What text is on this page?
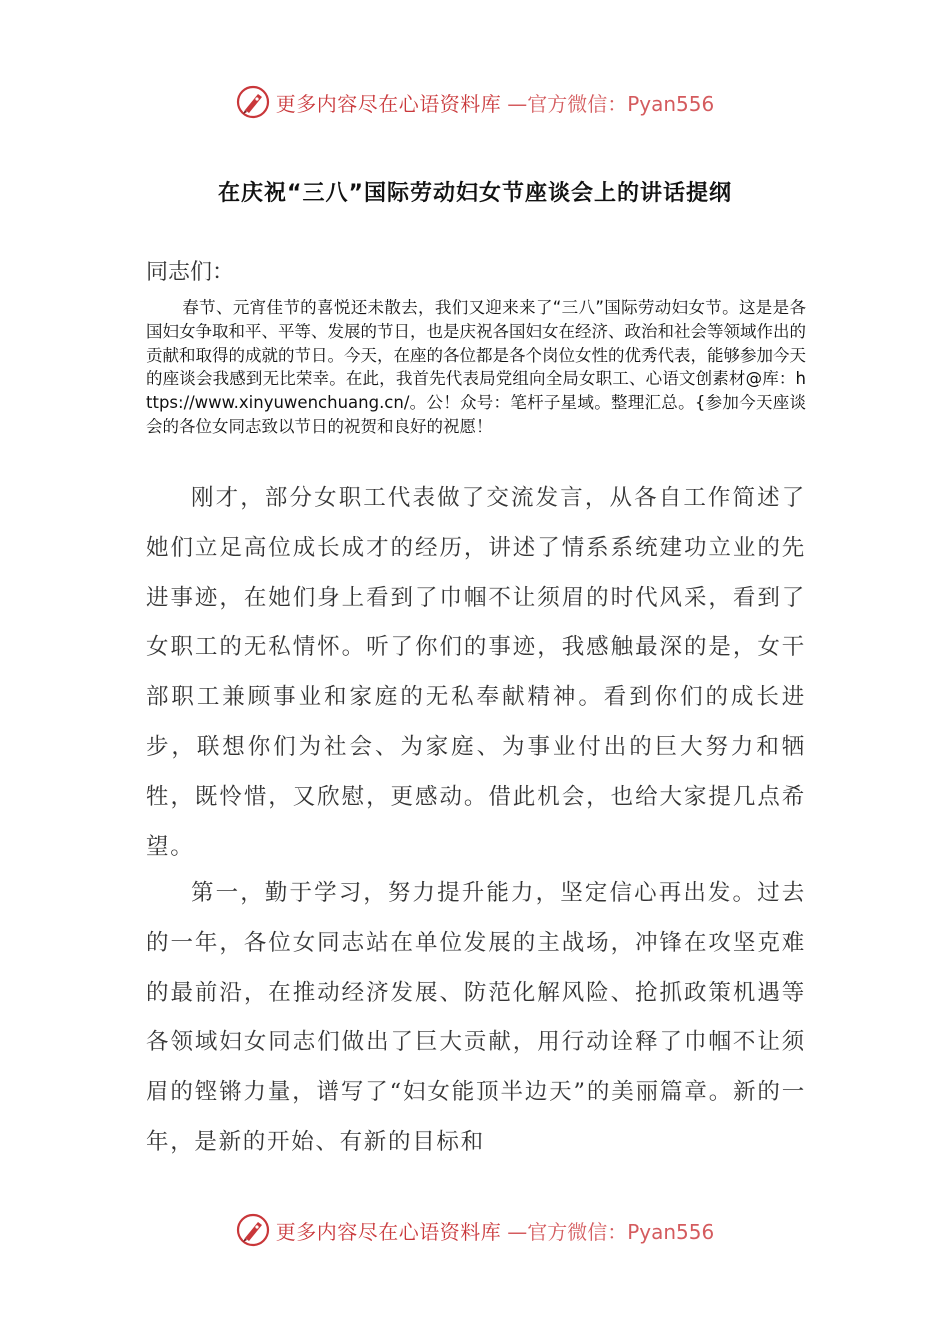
更多内容尽在心语资料库 —官方微信：Pyan556
在庆祝“三八”国际劳动妇女节座谈会上的讲话提纲
同志们：

春节、元宵佳节的喜悦还未散去，我们又迎来来了“三八”国际劳动妇女节。这是是各国妇女争取和平、平等、发展的节日，也是庆祝各国妇女在经济、政治和社会等领域作出的贡献和取得的成就的节日。今天，在座的各位都是各个岗位女性的优秀代表，能够参加今天的座谈会我感到无比荣幸。在此，我首先代表局党组向全局女职工、心语文创素材@库：https://www.xinyuwenchuang.cn/。公！众号：笔杆子星域。整理汇总。{参加今天座谈会的各位女同志致以节日的祝贺和良好的祝愿！

刚才，部分女职工代表做了交流发言，从各自工作简述了她们立足高位成长成才的经历，讲述了情系系统建功立业的先进事迹，在她们身上看到了巾帼不让须眉的时代风采，看到了女职工的无私情怀。听了你们的事迹，我感触最深的是，女干部职工兼顾事业和家庭的无私奉献精神。看到你们的成长进步，联想你们为社会、为家庭、为事业付出的巨大努力和牺牲，既怜惜，又欣慰，更感动。借此机会，也给大家提几点希望。

第一，勤于学习，努力提升能力，坚定信心再出发。过去的一年，各位女同志站在单位发展的主战场，冲锋在攻坚克难的最前沿，在推动经济发展、防范化解风险、抢抓政策机遇等各领域妇女同志们做出了巨大贡献，用行动诠释了巾帼不让须眉的铿锵力量，谱写了“妇女能顶半边天”的美丽篇章。新的一年，是新的开始、有新的目标和

更多内容尽在心语资料库 —官方微信：Pyan556
